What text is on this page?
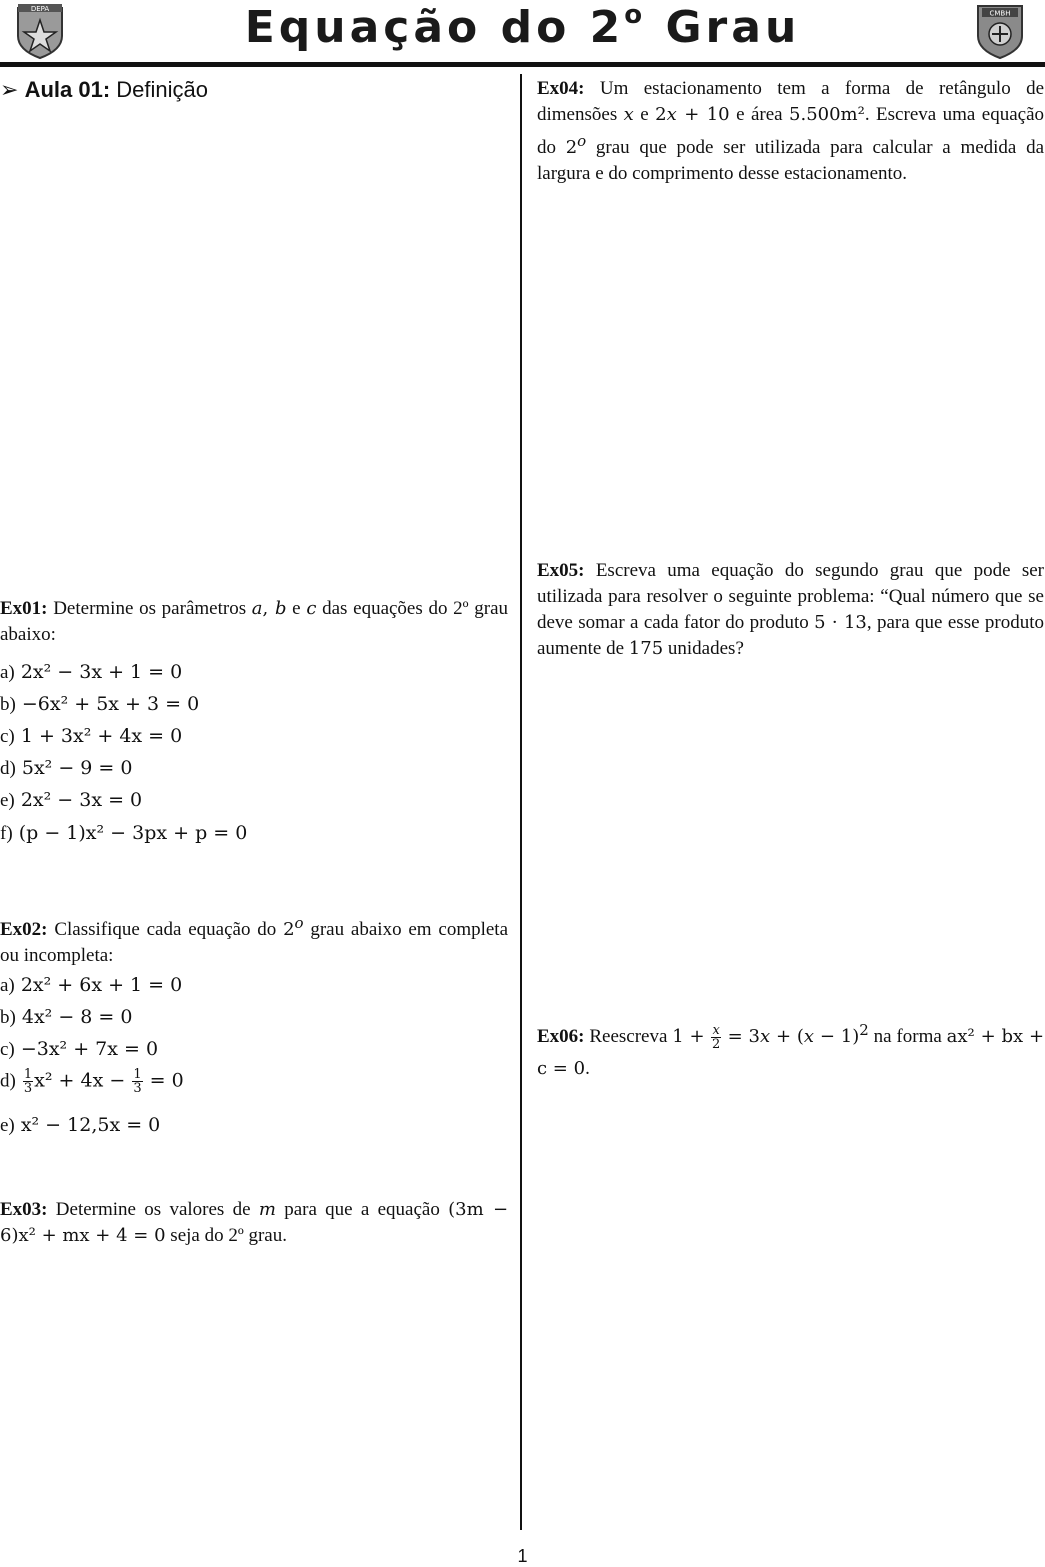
DEPA	Equação do 2$^o$ Grau	CMBH
➢ Aula 01: Definição
Ex01: Determine os parâmetros a, b e c das equações do 2º grau abaixo:
a) 2x² − 3x + 1 = 0
b) −6x² + 5x + 3 = 0
c) 1 + 3x² + 4x = 0
d) 5x² − 9 = 0
e) 2x² − 3x = 0
f) (p − 1)x² − 3px + p = 0
Ex02: Classifique cada equação do 2$^o$ grau abaixo em completa ou incompleta:
a) 2x² + 6x + 1 = 0
b) 4x² − 8 = 0
c) −3x² + 7x = 0
$d) \frac{1}{3} x^2 + 4x - \frac{1}{3} = 0$
e) x² − 12,5x = 0
Ex03: Determine os valores de m para que a equação (3m − 6)x² + mx + 4 = 0 seja do 2º grau.
Ex04: Um estacionamento tem a forma de retângulo de dimensões x e 2x + 10 e área 5.500m². Escreva uma equação do 2$^o$ grau que pode ser utilizada para calcular a medida da largura e do comprimento desse estacionamento.
Ex05: Escreva uma equação do segundo grau que pode ser utilizada para resolver o seguinte problema: “Qual número que se deve somar a cada fator do produto 5 · 13, para que esse produto aumente de 175 unidades?
Ex06: Reescreva $1 + \frac{x}{2} = 3x + (x - 1)^2$ na forma ax² + bx + c = 0.
1
